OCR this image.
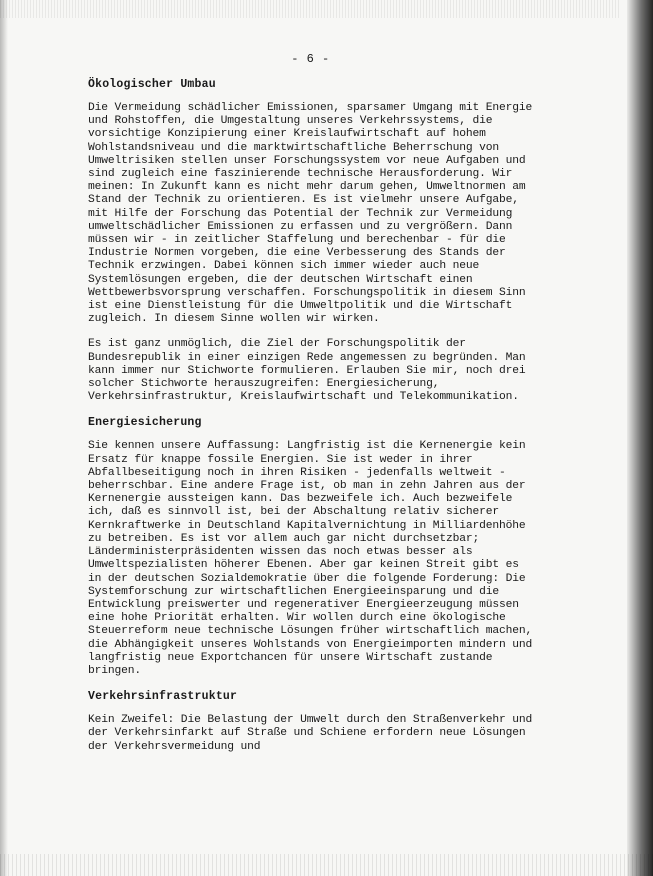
- 6 -
Ökologischer Umbau

Die Vermeidung schädlicher Emissionen, sparsamer Umgang mit Energie und Rohstoffen, die Umgestaltung unseres Verkehrssystems, die vorsichtige Konzipierung einer Kreislaufwirtschaft auf hohem Wohlstandsniveau und die marktwirtschaftliche Beherrschung von Umweltrisiken stellen unser Forschungssystem vor neue Aufgaben und sind zugleich eine faszinierende technische Herausforderung. Wir meinen: In Zukunft kann es nicht mehr darum gehen, Umweltnormen am Stand der Technik zu orientieren. Es ist vielmehr unsere Aufgabe, mit Hilfe der Forschung das Potential der Technik zur Vermeidung umweltschädlicher Emissionen zu erfassen und zu vergrößern. Dann müssen wir - in zeitlicher Staffelung und berechenbar - für die Industrie Normen vorgeben, die eine Verbesserung des Stands der Technik erzwingen. Dabei können sich immer wieder auch neue Systemlösungen ergeben, die der deutschen Wirtschaft einen Wettbewerbsvorsprung verschaffen. Forschungspolitik in diesem Sinn ist eine Dienstleistung für die Umweltpolitik und die Wirtschaft zugleich. In diesem Sinne wollen wir wirken.

Es ist ganz unmöglich, die Ziel der Forschungspolitik der Bundesrepublik in einer einzigen Rede angemessen zu begründen. Man kann immer nur Stichworte formulieren. Erlauben Sie mir, noch drei solcher Stichworte herauszugreifen: Energiesicherung, Verkehrsinfrastruktur, Kreislaufwirtschaft und Telekommunikation.

Energiesicherung

Sie kennen unsere Auffassung: Langfristig ist die Kernenergie kein Ersatz für knappe fossile Energien. Sie ist weder in ihrer Abfallbeseitigung noch in ihren Risiken - jedenfalls weltweit - beherrschbar. Eine andere Frage ist, ob man in zehn Jahren aus der Kernenergie aussteigen kann. Das bezweifele ich. Auch bezweifele ich, daß es sinnvoll ist, bei der Abschaltung relativ sicherer Kernkraftwerke in Deutschland Kapitalvernichtung in Milliardenhöhe zu betreiben. Es ist vor allem auch gar nicht durchsetzbar; Länderministerpräsidenten wissen das noch etwas besser als Umweltspezialisten höherer Ebenen. Aber gar keinen Streit gibt es in der deutschen Sozialdemokratie über die folgende Forderung: Die Systemforschung zur wirtschaftlichen Energieeinsparung und die Entwicklung preiswerter und regenerativer Energieerzeugung müssen eine hohe Priorität erhalten. Wir wollen durch eine ökologische Steuerreform neue technische Lösungen früher wirtschaftlich machen, die Abhängigkeit unseres Wohlstands von Energieimporten mindern und langfristig neue Exportchancen für unsere Wirtschaft zustande bringen.

Verkehrsinfrastruktur

Kein Zweifel: Die Belastung der Umwelt durch den Straßenverkehr und der Verkehrsinfarkt auf Straße und Schiene erfordern neue Lösungen der Verkehrsvermeidung und
